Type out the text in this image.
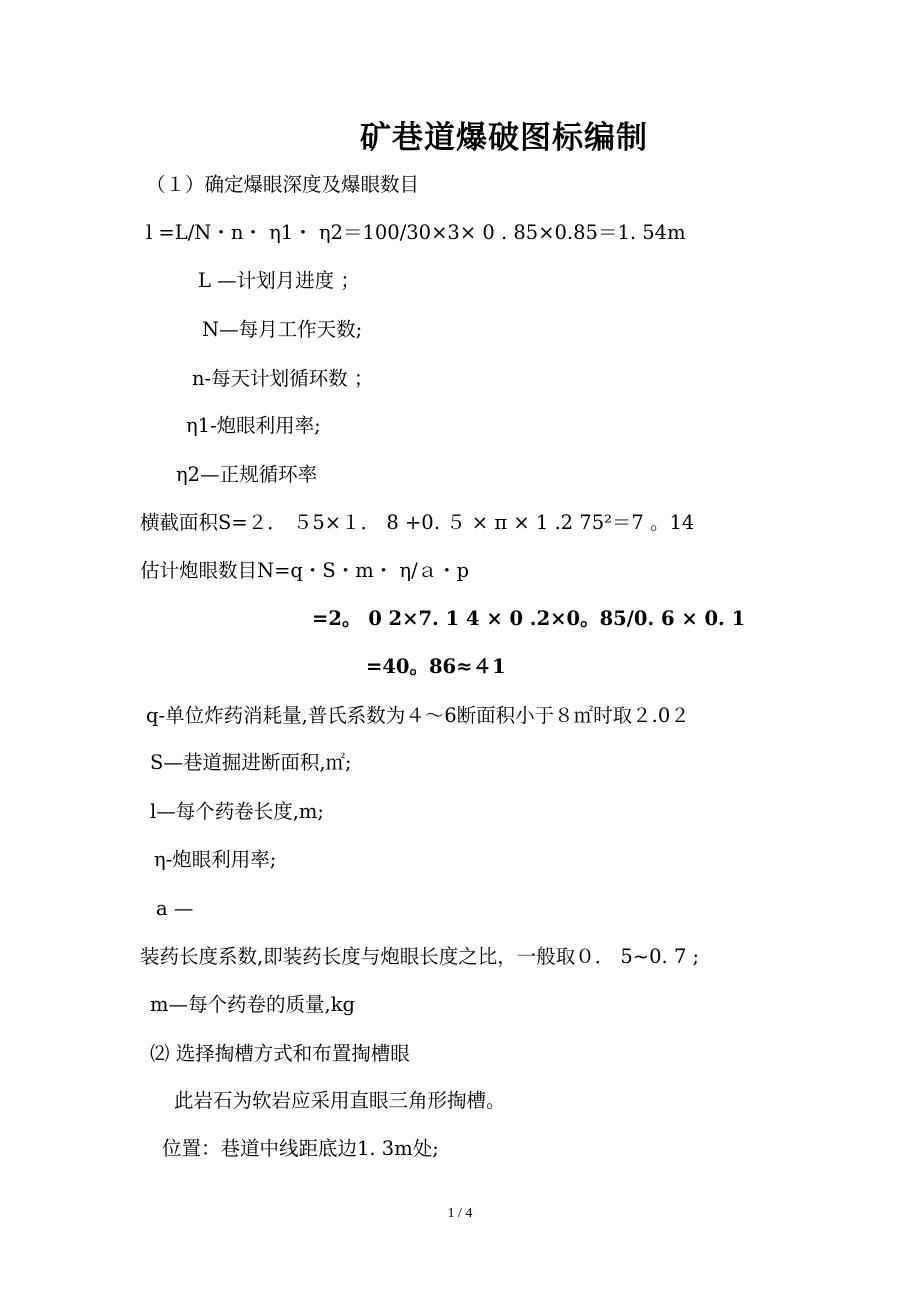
矿巷道爆破图标编制
（１）确定爆眼深度及爆眼数目
l =L/N・n・ η1・ η2＝100/30×3× 0 . 85×0.85＝1. 54m
L —计划月进度 ；
N—每月工作天数;
n-每天计划循环数 ；
η1-炮眼利用率;
η2—正规循环率
横截面积S=２． ５5×１． 8 +0. ５ × π × 1 .2 75²＝7 。14
估计炮眼数目N=q・S・m・ η/ａ・p
=2。 0 2×7. 1 4 × 0 .2×0。85/0. 6 × 0. 1
=40。86≈４1
q-单位炸药消耗量,普氏系数为４～6断面积小于８㎡时取２.0２
S—巷道掘进断面积,㎡;
l—每个药卷长度,m;
η-炮眼利用率;
a —
装药长度系数,即装药长度与炮眼长度之比，一般取０． 5~0. 7 ;
m—每个药卷的质量,kg
⑵ 选择掏槽方式和布置掏槽眼
此岩石为软岩应采用直眼三角形掏槽。
位置：巷道中线距底边1. 3m处;
1 / 4
